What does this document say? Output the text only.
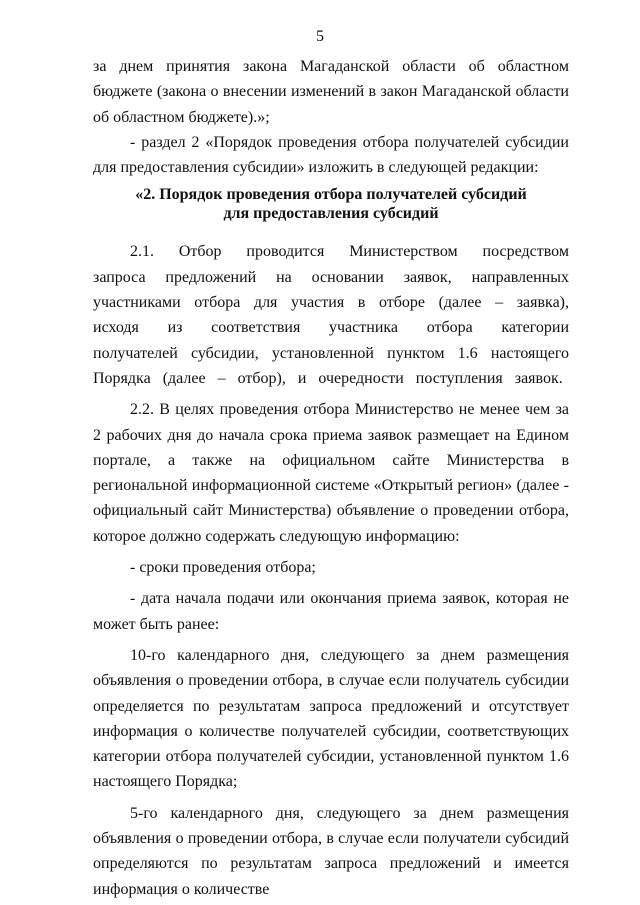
5

за днем принятия закона Магаданской области об областном бюджете (закона о внесении изменений в закон Магаданской области об областном бюджете).»;

- раздел 2 «Порядок проведения отбора получателей субсидии для предоставления субсидии» изложить в следующей редакции:

«2. Порядок проведения отбора получателей субсидий
для предоставления субсидий

2.1. Отбор проводится Министерством посредством запроса предложений на основании заявок, направленных участниками отбора для участия в отборе (далее – заявка), исходя из соответствия участника отбора категории получателей субсидии, установленной пунктом 1.6 настоящего Порядка (далее – отбор), и очередности поступления заявок.

2.2. В целях проведения отбора Министерство не менее чем за 2 рабочих дня до начала срока приема заявок размещает на Едином портале, а также на официальном сайте Министерства в региональной информационной системе «Открытый регион» (далее - официальный сайт Министерства) объявление о проведении отбора, которое должно содержать следующую информацию:

- сроки проведения отбора;

- дата начала подачи или окончания приема заявок, которая не может быть ранее:

10-го календарного дня, следующего за днем размещения объявления о проведении отбора, в случае если получатель субсидии определяется по результатам запроса предложений и отсутствует информация о количестве получателей субсидии, соответствующих категории отбора получателей субсидии, установленной пунктом 1.6 настоящего Порядка;

5-го календарного дня, следующего за днем размещения объявления о проведении отбора, в случае если получатели субсидий определяются по результатам запроса предложений и имеется информация о количестве
